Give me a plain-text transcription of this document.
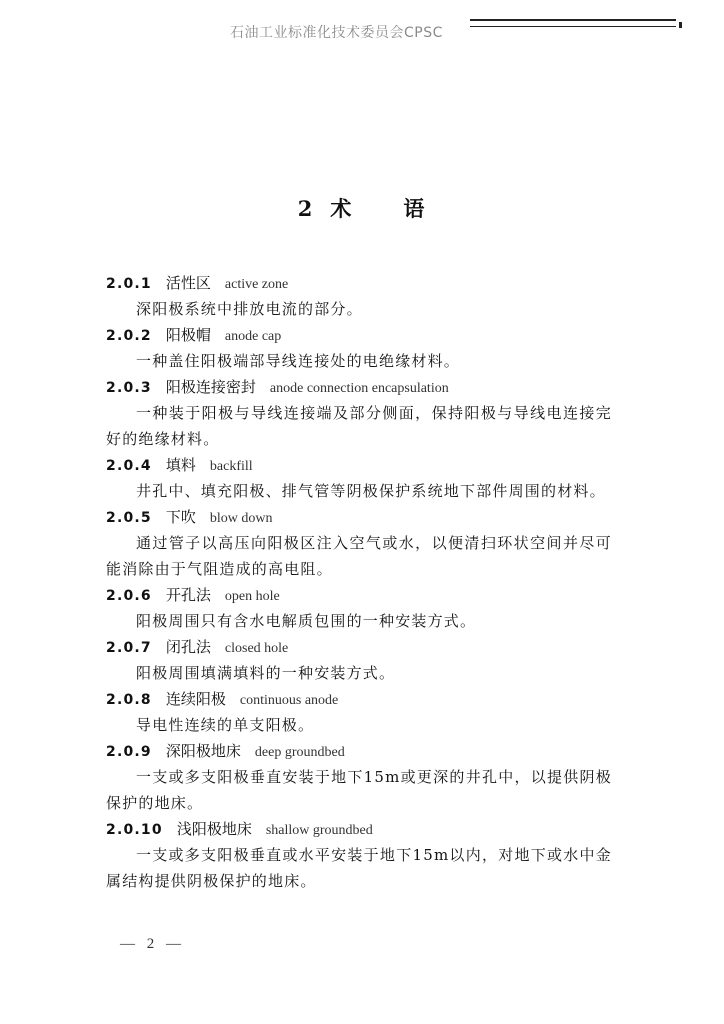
石油工业标准化技术委员会CPSC
2 术 语
2.0.1 活性区 active zone
深阳极系统中排放电流的部分。
2.0.2 阳极帽 anode cap
一种盖住阳极端部导线连接处的电绝缘材料。
2.0.3 阳极连接密封 anode connection encapsulation
一种装于阳极与导线连接端及部分侧面，保持阳极与导线电连接完好的绝缘材料。
2.0.4 填料 backfill
井孔中、填充阳极、排气管等阴极保护系统地下部件周围的材料。
2.0.5 下吹 blow down
通过管子以高压向阳极区注入空气或水，以便清扫环状空间并尽可能消除由于气阻造成的高电阻。
2.0.6 开孔法 open hole
阳极周围只有含水电解质包围的一种安装方式。
2.0.7 闭孔法 closed hole
阳极周围填满填料的一种安装方式。
2.0.8 连续阳极 continuous anode
导电性连续的单支阳极。
2.0.9 深阳极地床 deep groundbed
一支或多支阳极垂直安装于地下15m或更深的井孔中，以提供阴极保护的地床。
2.0.10 浅阳极地床 shallow groundbed
一支或多支阳极垂直或水平安装于地下15m以内，对地下或水中金属结构提供阴极保护的地床。
— 2 —
